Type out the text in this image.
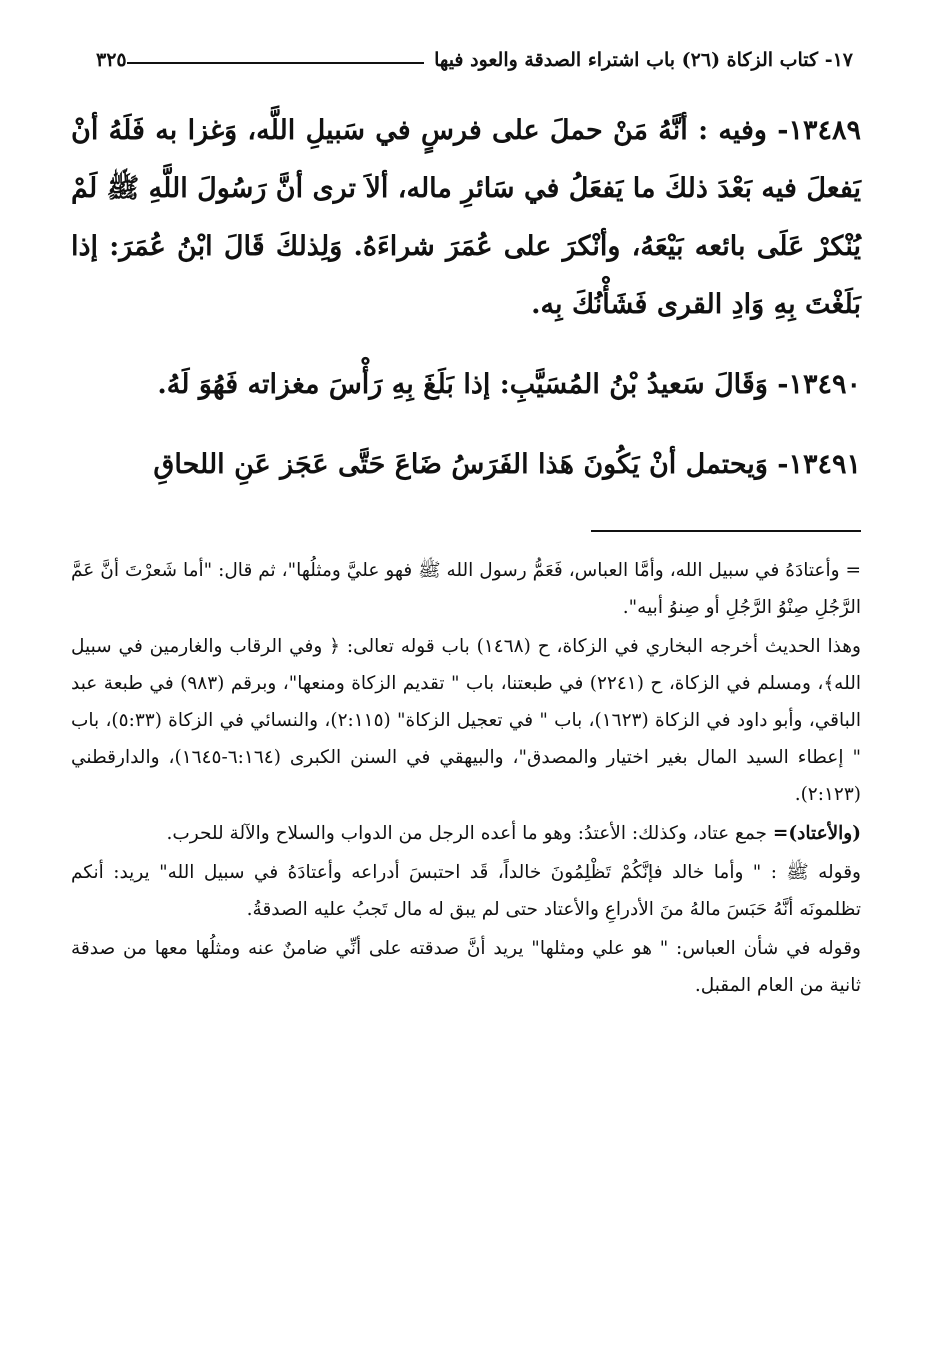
١٧- كتاب الزكاة (٢٦) باب اشتراء الصدقة والعود فيها
٣٢٥

١٣٤٨٩- وفيه : أنَّهُ مَنْ حملَ على فرسٍ في سَبيلِ اللَّه، وَغزا به فَلَهُ أنْ يَفعلَ فيه بَعْدَ ذلكَ ما يَفعَلُ في سَائرِ ماله، ألاَ ترى أنَّ رَسُولَ اللَّهِ ﷺ لَمْ يُنْكرْ عَلَى بائعه بَيْعَهُ، وأنْكرَ على عُمَرَ شراءَهُ. وَلِذلكَ قَالَ ابْنُ عُمَرَ: إذا بَلَغْتَ بِهِ وَادِ القرى فَشَأْنُكَ بِه.

١٣٤٩٠- وَقَالَ سَعيدُ بْنُ المُسَيَّبِ: إذا بَلَغَ بِهِ رَأْسَ مغزاته فَهُوَ لَهُ.

١٣٤٩١- وَيحتمل أنْ يَكُونَ هَذا الفَرَسُ ضَاعَ حَتَّى عَجَز عَنِ اللحاقِ

= وأعتادَهُ في سبيل الله، وأمَّا العباس، فَعَمُّ رسول الله ﷺ فهو عليَّ ومثلُها"، ثم قال: "أما شَعرْتَ أنَّ عَمَّ الرَّجُلِ صِنْوُ الرَّجُلِ أو صِنوُ أبيه".

وهذا الحديث أخرجه البخاري في الزكاة، ح (١٤٦٨) باب قوله تعالى: ﴿ وفي الرقاب والغارمين في سبيل الله﴾، ومسلم في الزكاة، ح (٢٢٤١) في طبعتنا، باب " تقديم الزكاة ومنعها"، وبرقم (٩٨٣) في طبعة عبد الباقي، وأبو داود في الزكاة (١٦٢٣)، باب " في تعجيل الزكاة" (٢:١١٥)، والنسائي في الزكاة (٥:٣٣)، باب " إعطاء السيد المال بغير اختيار والمصدق"، والبيهقي في السنن الكبرى (٦:١٦٤-١٦٤٥)، والدارقطني (٢:١٢٣).

(والأعتاد)= جمع عتاد، وكذلك: الأعتدُ: وهو ما أعده الرجل من الدواب والسلاح والآلة للحرب.

وقوله ﷺ : " وأما خالد فإنَّكُمْ تَظْلِمُونَ خالداً، قَد احتبسَ أدراعه وأعتادَهُ في سبيل الله" يريد: أنكم تظلمونَه أنَّهُ حَبَسَ مالهُ منَ الأدراعِ والأعتاد حتى لم يبق له مال تَجبُ عليه الصدقةُ.

وقوله في شأن العباس: " هو علي ومثلها" يريد أنَّ صدقته على أنِّي ضامنٌ عنه ومثلُها معها من صدقة ثانية من العام المقبل.
